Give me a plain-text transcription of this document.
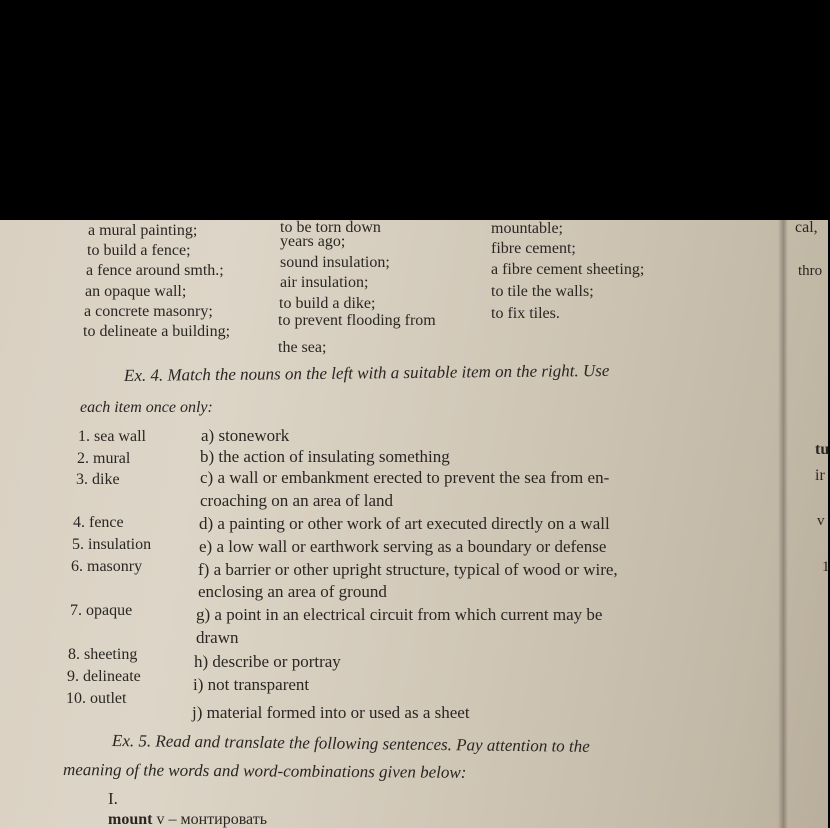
to be torn down
a mural painting;
to build a fence;
a fence around smth.;
an opaque wall;
a concrete masonry;
to delineate a building;
years ago;
sound insulation;
air insulation;
to build a dike;
to prevent flooding from
the sea;
mountable;
fibre cement;
a fibre cement sheeting;
to tile the walls;
to fix tiles.
cal,
thro
tu
ir
v
1
Ex. 4. Match the nouns on the left with a suitable item on the right. Use
each item once only:
1. sea wall
2. mural
3. dike
4. fence
5. insulation
6. masonry
7. opaque
8. sheeting
9. delineate
10. outlet
a) stonework
b) the action of insulating something
c) a wall or embankment erected to prevent the sea from en-
croaching on an area of land
d) a painting or other work of art executed directly on a wall
e) a low wall or earthwork serving as a boundary or defense
f) a barrier or other upright structure, typical of wood or wire,
enclosing an area of ground
g) a point in an electrical circuit from which current may be
drawn
h) describe or portray
i) not transparent
j) material formed into or used as a sheet
Ex. 5. Read and translate the following sentences. Pay attention to the
meaning of the words and word-combinations given below:
I.
mount v – монтировать
